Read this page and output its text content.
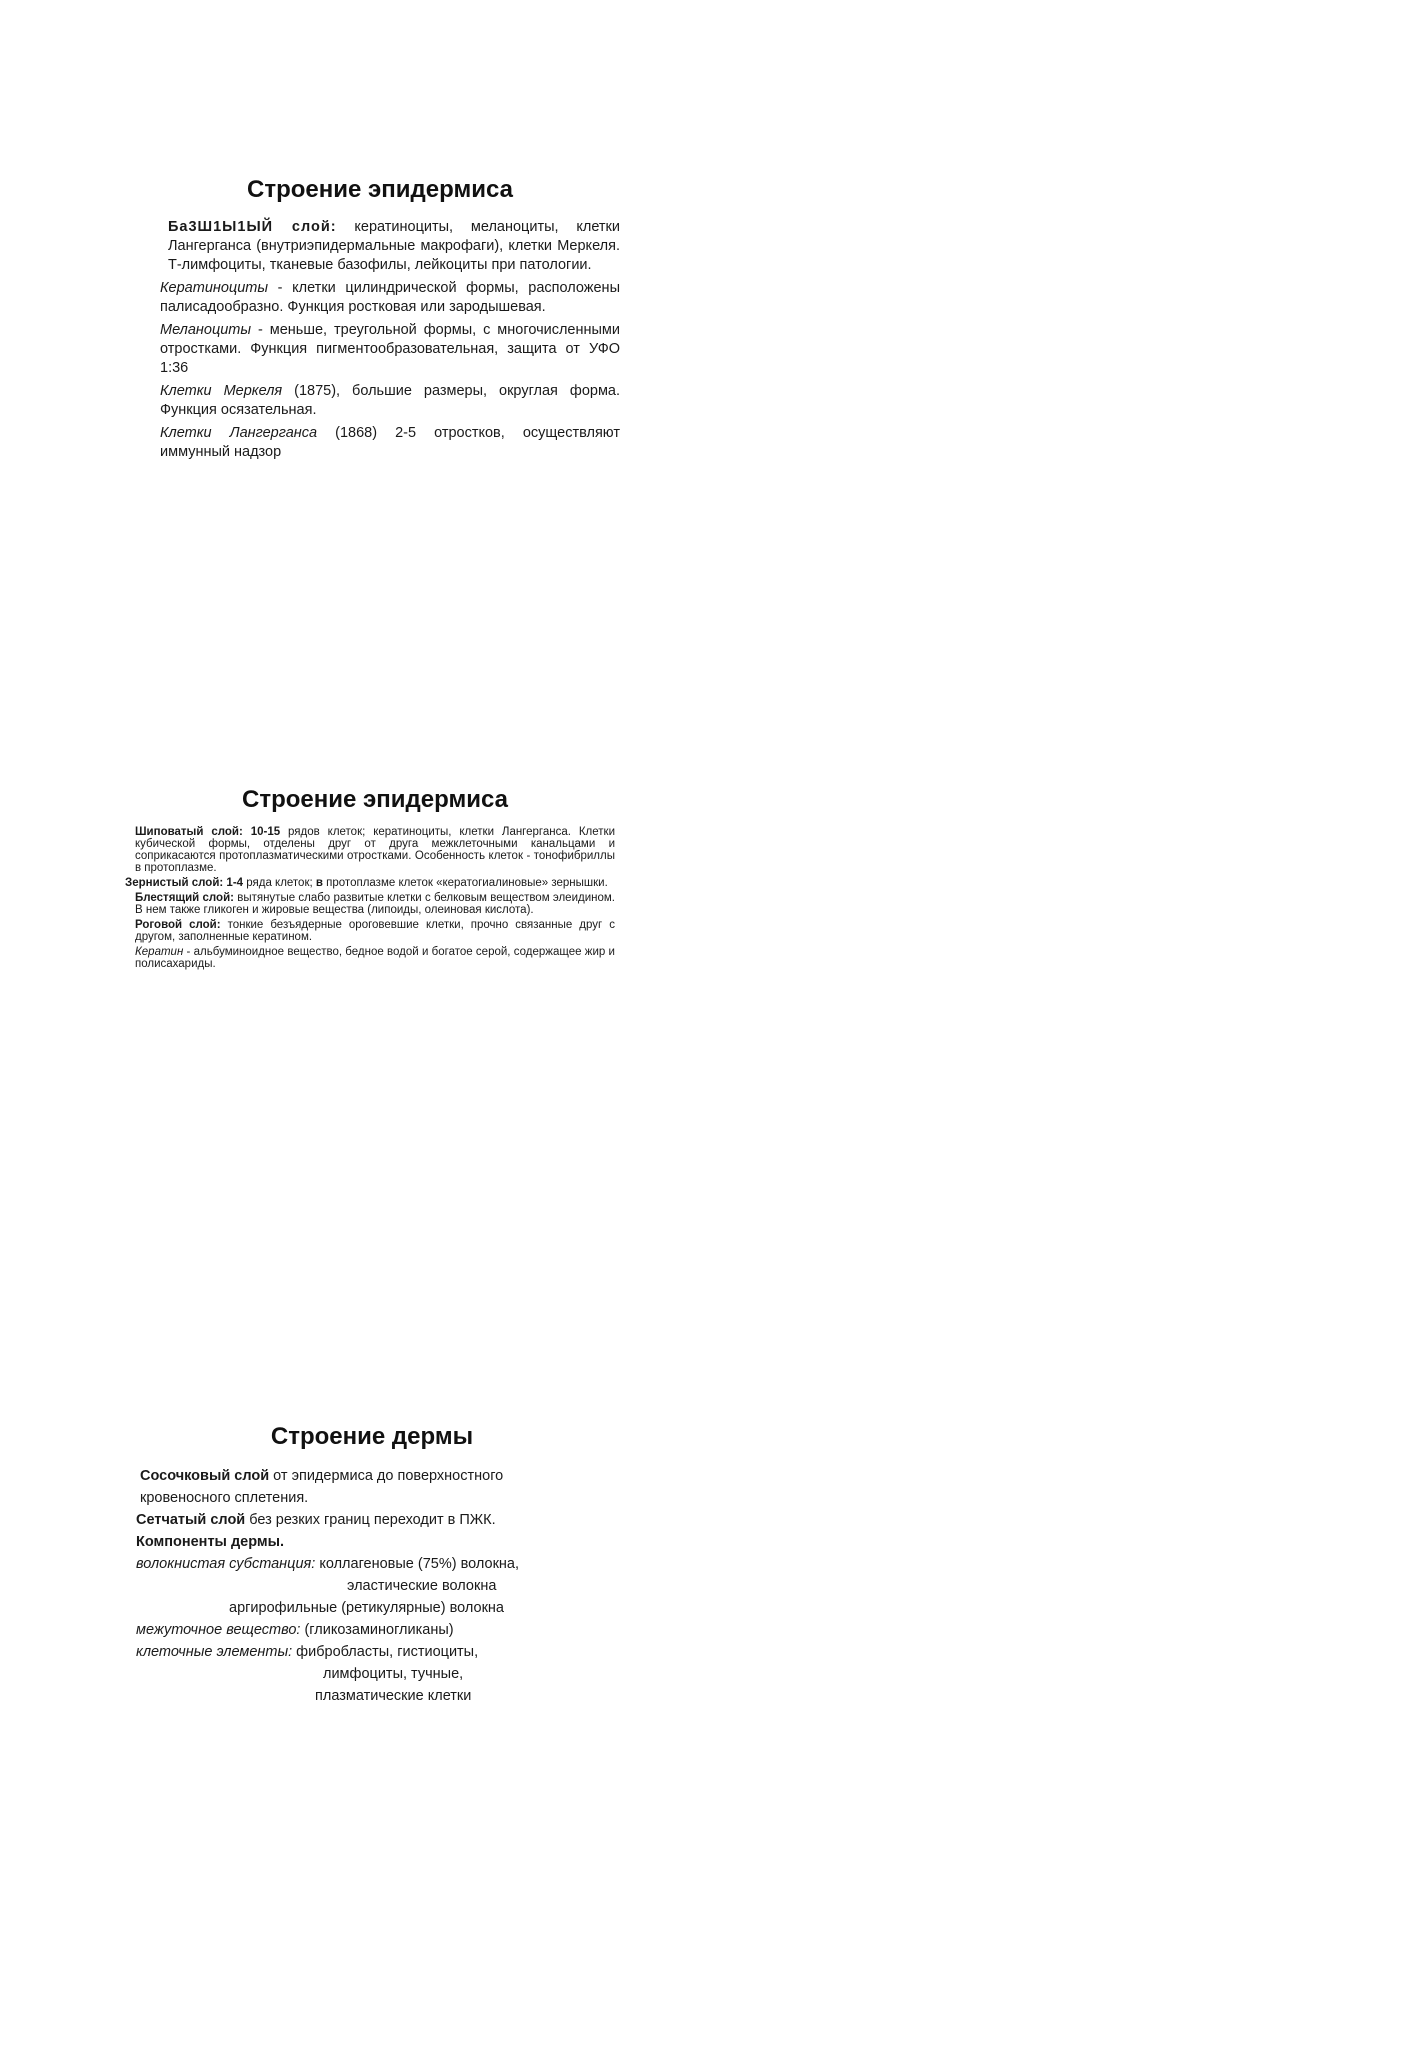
Строение эпидермиса

Ба3Ш1Ы1ЫЙ слой: кератиноциты, меланоциты, клетки Лангерганса (внутриэпидермальные макрофаги), клетки Меркеля. Т-лимфоциты, тканевые базофилы, лейкоциты при патологии.

Кератиноциты - клетки цилиндрической формы, расположены палисадообразно. Функция ростковая или зародышевая.

Меланоциты - меньше, треугольной формы, с многочисленными отростками. Функция пигментообразовательная, защита от УФО 1:36

Клетки Меркеля (1875), большие размеры, округлая форма. Функция осязательная.

Клетки Лангерганса (1868) 2-5 отростков, осуществляют иммунный надзор

Строение эпидермиса

Шиповатый слой: 10-15 рядов клеток; кератиноциты, клетки Лангерганса. Клетки кубической формы, отделены друг от друга межклеточными канальцами и соприкасаются протоплазматическими отростками. Особенность клеток - тонофибриллы в протоплазме.

Зернистый слой: 1-4 ряда клеток; в протоплазме клеток «кератогиалиновые» зернышки.

Блестящий слой: вытянутые слабо развитые клетки с белковым веществом элеидином. В нем также гликоген и жировые вещества (липоиды, олеиновая кислота).

Роговой слой: тонкие безъядерные ороговевшие клетки, прочно связанные друг с другом, заполненные кератином.

Кератин - альбуминоидное вещество, бедное водой и богатое серой, содержащее жир и полисахариды.

Строение дермы
Сосочковый слой от эпидермиса до поверхностного
кровеносного сплетения.
Сетчатый слой без резких границ переходит в ПЖК.
Компоненты дермы.
волокнистая субстанция: коллагеновые (75%) волокна,
эластические волокна
аргирофильные (ретикулярные) волокна
межуточное вещество: (гликозаминогликаны)
клеточные элементы: фибробласты, гистиоциты,
лимфоциты, тучные,
плазматические клетки
